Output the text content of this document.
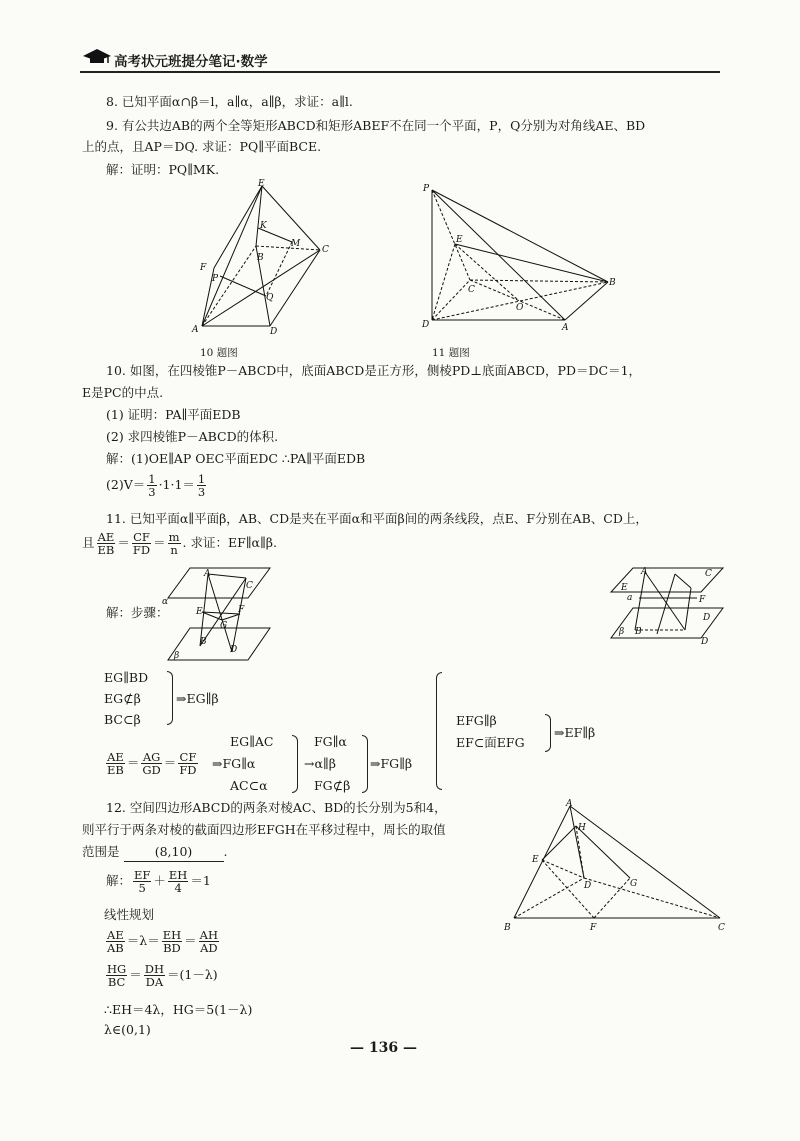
高考状元班提分笔记·数学
8. 已知平面α∩β＝l，a∥α，a∥β，求证：a∥l.
9. 有公共边AB的两个全等矩形ABCD和矩形ABEF不在同一个平面，P，Q分别为对角线AE、BD
上的点，且AP＝DQ. 求证：PQ∥平面BCE.
解：证明：PQ∥MK.
E
K
M
C
F
B
P
Q
A	D
10 题图
P
E
C
O
B
D	A
11 题图
10. 如图，在四棱锥P－ABCD中，底面ABCD是正方形，侧棱PD⊥底面ABCD，PD＝DC＝1，
E是PC的中点.
(1) 证明：PA∥平面EDB
(2) 求四棱锥P－ABCD的体积.
解：(1)OE∥AP OEC平面EDC ∴PA∥平面EDB
$(2)V= \frac{1}{3} \cdot 1\cdot 1= \frac{1}{3}$
11. 已知平面α∥平面β，AB、CD是夹在平面α和平面β间的两条线段，点E、F分别在AB、CD上，
且 $\frac{AE}{EB} = \frac{CF}{FD} = \frac{m}{n}$ . 求证：EF∥α∥β.
解：步骤：
A
C
α
E
G
F
B
D
β
A	C
E
a	F
B
D
D
β
EG∥BD
EG⊄β
BC⊂β
⇒EG∥β
$\frac{AE}{EB} = \frac{AG}{GD} = \frac{CF}{FD}$
EG∥AC
⇒FG∥α
AC⊂α
FG∥α
→α∥β
FG⊄β
⇒FG∥β
EFG∥β
EF⊂面EFG
⇒EF∥β
12. 空间四边形ABCD的两条对棱AC、BD的长分别为5和4，
则平行于两条对棱的截面四边形EFGH在平移过程中，周长的取值
范围是	(8,10) .
解： $\frac{EF}{5} + \frac{EH}{4} =1$
线性规划
$\frac{AE}{AB} =\lambda= \frac{EH}{BD} = \frac{AH}{AD}$
$\frac{HG}{BC} = \frac{DH}{DA} =(1-\lambda)$
∴EH＝4λ，HG＝5(1－λ)
λ∈(0,1)
A
H
E
D	G
B	F	C
— 136 —
